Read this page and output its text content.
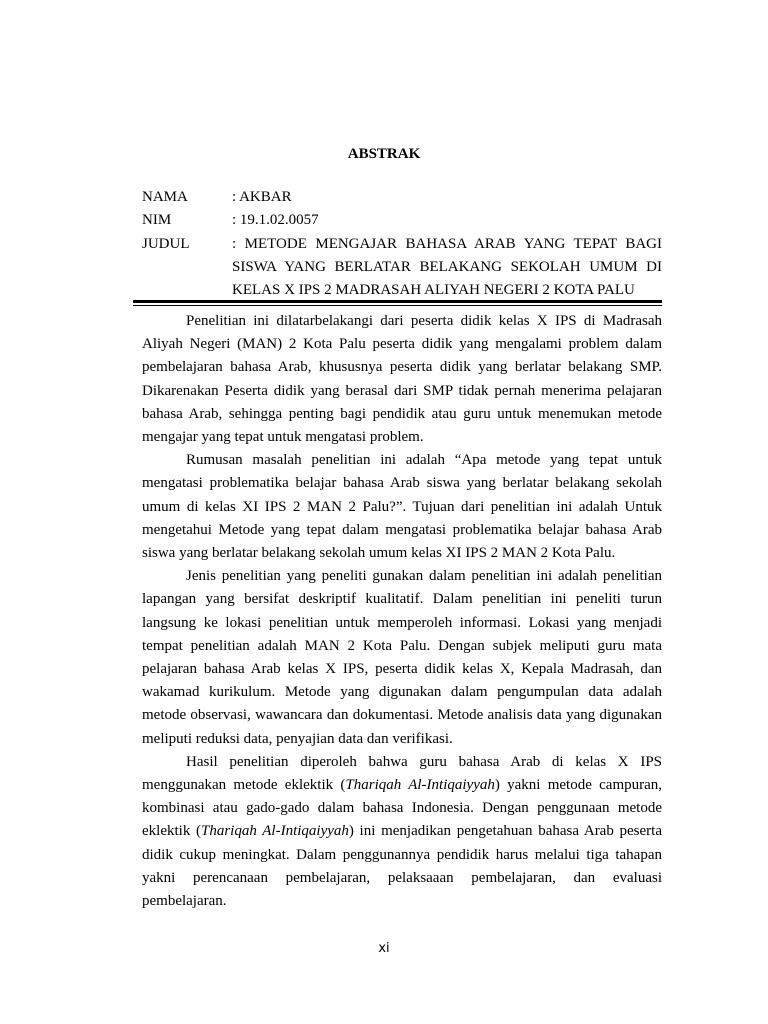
ABSTRAK
NAMA	: AKBAR
NIM	: 19.1.02.0057
JUDUL	: METODE MENGAJAR BAHASA ARAB YANG TEPAT BAGI
SISWA YANG BERLATAR BELAKANG SEKOLAH UMUM DI
KELAS X IPS 2 MADRASAH ALIYAH NEGERI 2 KOTA PALU

Penelitian ini dilatarbelakangi dari peserta didik kelas X IPS di Madrasah Aliyah Negeri (MAN) 2 Kota Palu peserta didik yang mengalami problem dalam pembelajaran bahasa Arab, khususnya peserta didik yang berlatar belakang SMP. Dikarenakan Peserta didik yang berasal dari SMP tidak pernah menerima pelajaran bahasa Arab, sehingga penting bagi pendidik atau guru untuk menemukan metode mengajar yang tepat untuk mengatasi problem.

Rumusan masalah penelitian ini adalah “Apa metode yang tepat untuk mengatasi problematika belajar bahasa Arab siswa yang berlatar belakang sekolah umum di kelas XI IPS 2 MAN 2 Palu?”. Tujuan dari penelitian ini adalah Untuk mengetahui Metode yang tepat dalam mengatasi problematika belajar bahasa Arab siswa yang berlatar belakang sekolah umum kelas XI IPS 2 MAN 2 Kota Palu.

Jenis penelitian yang peneliti gunakan dalam penelitian ini adalah penelitian lapangan yang bersifat deskriptif kualitatif. Dalam penelitian ini peneliti turun langsung ke lokasi penelitian untuk memperoleh informasi. Lokasi yang menjadi tempat penelitian adalah MAN 2 Kota Palu. Dengan subjek meliputi guru mata pelajaran bahasa Arab kelas X IPS, peserta didik kelas X, Kepala Madrasah, dan wakamad kurikulum. Metode yang digunakan dalam pengumpulan data adalah metode observasi, wawancara dan dokumentasi. Metode analisis data yang digunakan meliputi reduksi data, penyajian data dan verifikasi.

Hasil penelitian diperoleh bahwa guru bahasa Arab di kelas X IPS menggunakan metode eklektik (Thariqah Al-Intiqaiyyah) yakni metode campuran, kombinasi atau gado-gado dalam bahasa Indonesia. Dengan penggunaan metode eklektik (Thariqah Al-Intiqaiyyah) ini menjadikan pengetahuan bahasa Arab peserta didik cukup meningkat. Dalam penggunannya pendidik harus melalui tiga tahapan yakni perencanaan pembelajaran, pelaksaaan pembelajaran, dan evaluasi pembelajaran.

xi
